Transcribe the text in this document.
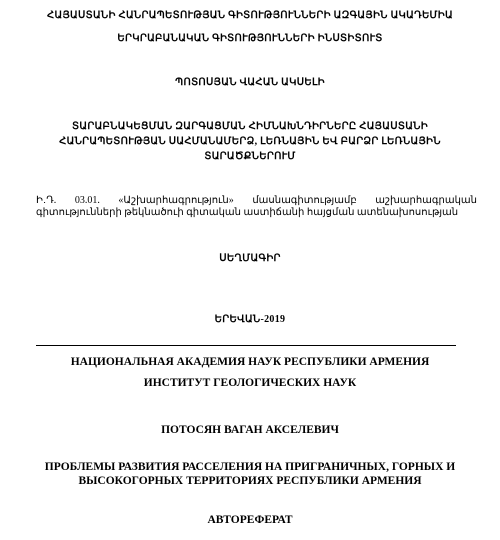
ՀԱՅԱՍՏԱՆԻ ՀԱՆՐԱՊԵՏՈՒԹՅԱՆ ԳԻՏՈՒԹՅՈՒՆՆԵՐԻ ԱԶԳԱՅԻՆ ԱԿԱԴԵՄԻԱ
ԵՐԿՐԱԲԱՆԱԿԱՆ ԳԻՏՈՒԹՅՈՒՆՆԵՐԻ ԻՆՍՏԻՏՈՒՏ
ՊՈՏՈՍՅԱՆ ՎԱՀԱՆ ԱԿՍԵԼԻ
ՏԱՐԱԲՆԱԿԵՑՄԱՆ ԶԱՐԳԱՑՄԱՆ ՀԻՄՆԱԽՆԴԻՐՆԵՐԸ ՀԱՅԱՍՏԱՆԻ
ՀԱՆՐԱՊԵՏՈՒԹՅԱՆ ՍԱՀՄԱՆԱՄԵՐՁ, ԼԵՌՆԱՅԻՆ ԵՎ ԲԱՐՁՐ ԼԵՌՆԱՅԻՆ
ՏԱՐԱԾՔՆԵՐՈՒՄ
Ի․Դ. 03.01. «Աշխարհագրություն» մասնագիտությամբ աշխարհագրական
գիտությունների թեկնածուի գիտական աստիճանի հայցման ատենախոսության
ՍԵՂՄԱԳԻՐ
ԵՐԵՎԱՆ-2019
НАЦИОНАЛЬНАЯ АКАДЕМИЯ НАУК РЕСПУБЛИКИ АРМЕНИЯ
ИНСТИТУТ ГЕОЛОГИЧЕСКИХ НАУК
ПОТОСЯН ВАГАН АКСЕЛЕВИЧ
ПРОБЛЕМЫ РАЗВИТИЯ РАССЕЛЕНИЯ НА ПРИГРАНИЧНЫХ, ГОРНЫХ И
ВЫСОКОГОРНЫХ ТЕРРИТОРИЯХ РЕСПУБЛИКИ АРМЕНИЯ
АВТОРЕФЕРАТ
